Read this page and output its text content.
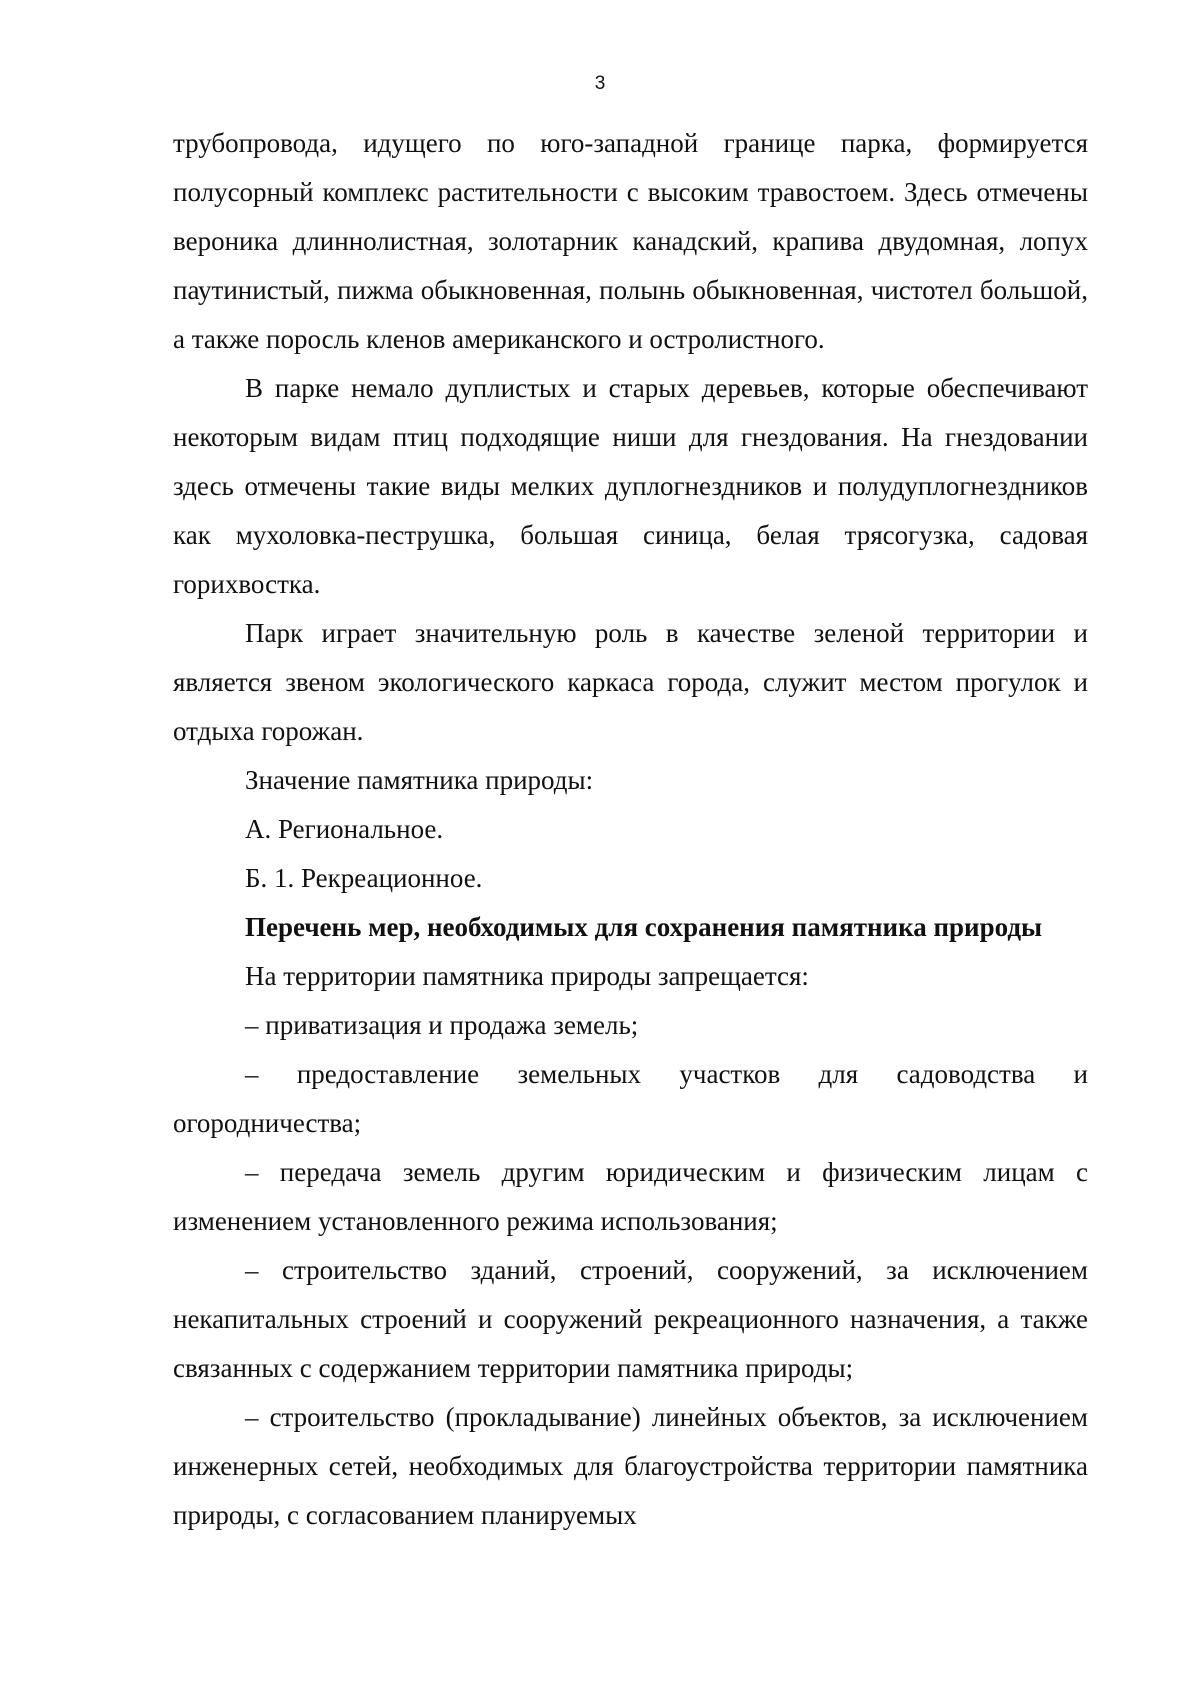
3

трубопровода, идущего по юго-западной границе парка, формируется полусорный комплекс растительности с высоким травостоем. Здесь отмечены вероника длиннолистная, золотарник канадский, крапива двудомная, лопух паутинистый, пижма обыкновенная, полынь обыкновенная, чистотел большой, а также поросль кленов американского и остролистного.

В парке немало дуплистых и старых деревьев, которые обеспечивают некоторым видам птиц подходящие ниши для гнездования. На гнездовании здесь отмечены такие виды мелких дуплогнездников и полудуплогнездников как мухоловка-пеструшка, большая синица, белая трясогузка, садовая горихвостка.

Парк играет значительную роль в качестве зеленой территории и является звеном экологического каркаса города, служит местом прогулок и отдыха горожан.

Значение памятника природы:

А. Региональное.

Б. 1. Рекреационное.

Перечень мер, необходимых для сохранения памятника природы

На территории памятника природы запрещается:

– приватизация и продажа земель;

– предоставление земельных участков для садоводства и огородничества;

– передача земель другим юридическим и физическим лицам с изменением установленного режима использования;

– строительство зданий, строений, сооружений, за исключением некапитальных строений и сооружений рекреационного назначения, а также связанных с содержанием территории памятника природы;

– строительство (прокладывание) линейных объектов, за исключением инженерных сетей, необходимых для благоустройства территории памятника природы, с согласованием планируемых
